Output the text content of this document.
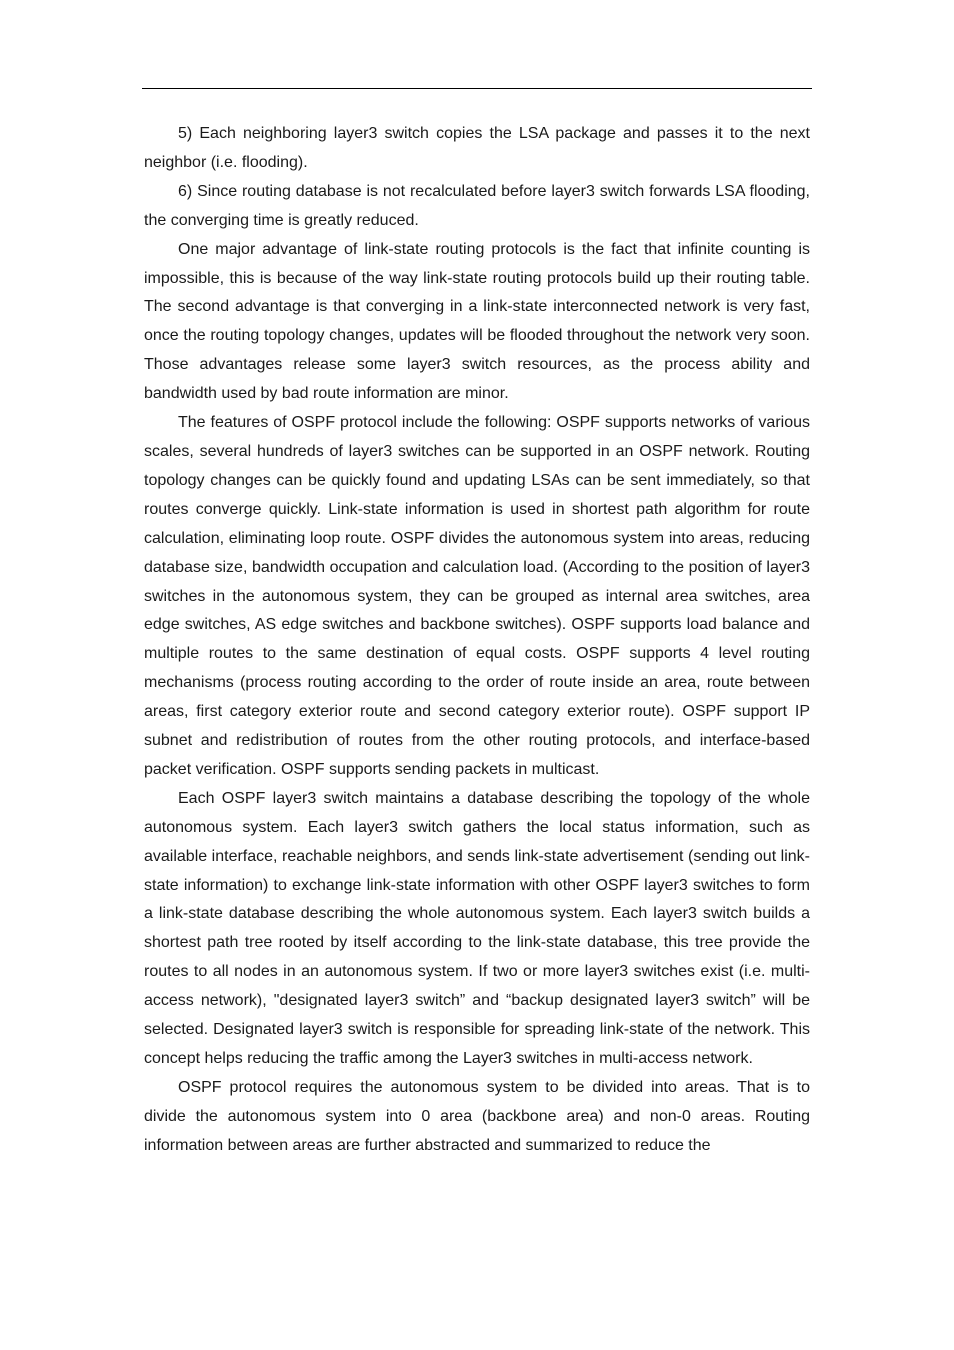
5) Each neighboring layer3 switch copies the LSA package and passes it to the next neighbor (i.e. flooding).

6) Since routing database is not recalculated before layer3 switch forwards LSA flooding, the converging time is greatly reduced.

One major advantage of link-state routing protocols is the fact that infinite counting is impossible, this is because of the way link-state routing protocols build up their routing table. The second advantage is that converging in a link-state interconnected network is very fast, once the routing topology changes, updates will be flooded throughout the network very soon. Those advantages release some layer3 switch resources, as the process ability and bandwidth used by bad route information are minor.

The features of OSPF protocol include the following: OSPF supports networks of various scales, several hundreds of layer3 switches can be supported in an OSPF network. Routing topology changes can be quickly found and updating LSAs can be sent immediately, so that routes converge quickly. Link-state information is used in shortest path algorithm for route calculation, eliminating loop route. OSPF divides the autonomous system into areas, reducing database size, bandwidth occupation and calculation load. (According to the position of layer3 switches in the autonomous system, they can be grouped as internal area switches, area edge switches, AS edge switches and backbone switches). OSPF supports load balance and multiple routes to the same destination of equal costs. OSPF supports 4 level routing mechanisms (process routing according to the order of route inside an area, route between areas, first category exterior route and second category exterior route). OSPF support IP subnet and redistribution of routes from the other routing protocols, and interface-based packet verification. OSPF supports sending packets in multicast.

Each OSPF layer3 switch maintains a database describing the topology of the whole autonomous system. Each layer3 switch gathers the local status information, such as available interface, reachable neighbors, and sends link-state advertisement (sending out link-state information) to exchange link-state information with other OSPF layer3 switches to form a link-state database describing the whole autonomous system. Each layer3 switch builds a shortest path tree rooted by itself according to the link-state database, this tree provide the routes to all nodes in an autonomous system. If two or more layer3 switches exist (i.e. multi-access network), "designated layer3 switch” and “backup designated layer3 switch” will be selected. Designated layer3 switch is responsible for spreading link-state of the network. This concept helps reducing the traffic among the Layer3 switches in multi-access network.

OSPF protocol requires the autonomous system to be divided into areas. That is to divide the autonomous system into 0 area (backbone area) and non-0 areas. Routing information between areas are further abstracted and summarized to reduce the
